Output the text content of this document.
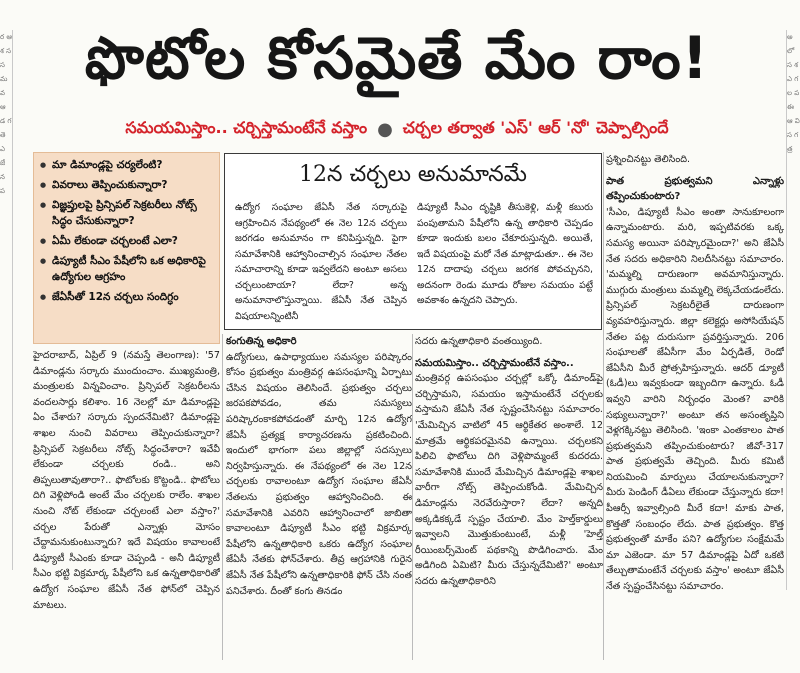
ర ఆ శ స స మ వ ఆ డ గ తె ఎ జే న ప
అ లో స శ ఎ గ ల ప ఈ ఆ వి స గ త్ర
ఫొటోల కోసమైతే మేం రాం!
సమయమిస్తాం.. చర్చిస్తామంటేనే వస్తాం ● చర్చల తర్వాత 'ఎస్' ఆర్ 'నో' చెప్పాల్సిందే
● మా డిమాండ్లపై చర్యలేంటి?
● వివరాలు తెప్పించుకున్నారా?
● విజ్ఞప్తులపై ప్రిన్సిపల్ సెక్రటరీలు నోట్స్ సిద్ధం చేసుకున్నారా?
● ఏమీ లేకుండా చర్చలంటే ఎలా?
● డిప్యూటీ సీఎం పేషీలోని ఒక అధికారిపై ఉద్యోగుల ఆగ్రహం
● జేఏసీతో 12న చర్చలు సందిగ్ధం
12న చర్చలు అనుమానమే
ఉద్యోగ సంఘాల జేఏసీ నేత సర్కారుపై ఆగ్రహించిన నేపథ్యంలో ఈ నెల 12న చర్చలు జరగడం అనుమానం గా కనిపిస్తున్నది. పైగా సమావేశానికి ఆహ్వానించాల్సిన సంఘాల నేతల సమాచారాన్ని కూడా ఇవ్వలేదని అంటూ అసలు చర్చలుంటాయా? లేదా? అన్న అనుమానాలొస్తున్నాయి. జేఏసీ నేత చెప్పిన విషయాలన్నింటినీ
డిప్యూటీ సీఎం దృష్టికి తీసుకెళ్లి, మళ్లీ కబురు పంపుతామని పేషీలోని ఉన్న తాధికారి చెప్పడం కూడా ఇందుకు బలం చేకూరుస్తున్నది. అయితే, ఇదే విషయంపై మరో నేత మాట్లాడుతూ.. ఈ నెల 12న దాదాపు చర్చలు జరగక పోవచ్చునని, అదనంగా రెండు మూడు రోజుల సమయం పట్టే అవకాశం ఉన్నదని చెప్పారు.
హైదరాబాద్, ఏప్రిల్ 9 (నమస్తే తెలంగాణ): '57 డిమాండ్లను సర్కారు ముందుంచాం. ముఖ్యమంత్రి, మంత్రులకు విన్నవించాం. ప్రిన్సిపల్ సెక్రటరీలను వందలసార్లు కలిశాం. 16 నెలల్లో మా డిమాండ్లపై ఏం చేశారు? సర్కారు స్పందనేమిటి? డిమాండ్లపై శాఖల నుంచి వివరాలు తెప్పించుకున్నారా? ప్రిన్సిపల్ సెక్రటరీలు నోట్స్ సిద్ధంచేశారా? ఇవేవీ లేకుండా చర్చలకు రండి.. అని తిప్పలుతావుతారా?.. ఫొటోలకు కొట్టండి.. ఫొటోలు దిగి వెళ్లిపోండి అంటే మేం చర్చలకు రాలేం. శాఖల నుంచి నోట్ లేకుండా చర్చలంటే ఎలా వస్తాం?' చర్చల పేరుతో ఎన్నాళ్లు మోసం చేద్దామనుకుంటున్నారు? ఇదే విషయం కావాలంటే డిప్యూటీ సీఎంకు కూడా చెప్పండి - అనీ డిప్యూటీ సీఎం భట్టి విక్రమార్క పేషీలోని ఒక ఉన్నతాధికారితో ఉద్యోగ సంఘాల జేఏసీ నేత ఫోన్‌లో చెప్పిన మాటలు.
కంగుతిన్న అధికారి
ఉద్యోగులు, ఉపాధ్యాయుల సమస్యల పరిష్కారం కోసం ప్రభుత్వం మంత్రివర్గ ఉపసంఘాన్ని ఏర్పాటు చేసిన విషయం తెలిసిందే. ప్రభుత్వం చర్చలు జరపకపోవడం, తమ సమస్యలు పరిష్కారంకాకపోవడంతో మార్చి 12న ఉద్యోగ జేఏసీ ప్రత్యక్ష కార్యాచరణను ప్రకటించింది. ఇందులో భాగంగా పలు జిల్లాల్లో సదస్సులు నిర్వహిస్తున్నారు. ఈ నేపథ్యంలో ఈ నెల 12న చర్చలకు రావాలంటూ ఉద్యోగ సంఘాల జేఏసీ నేతలను ప్రభుత్వం ఆహ్వానించింది. ఈ సమావేశానికి ఎవరిని ఆహ్వానించాలో జాబితా కావాలంటూ డిప్యూటీ సీఎం భట్టి విక్రమార్క పేషీలోని ఉన్నతాధికారి ఒకరు ఉద్యోగ సంఘాల జేఏసీ నేతకు ఫోన్‌చేశారు. తీవ్ర ఆగ్రహానికి గురైన జేఏసీ నేత పేషీలోని ఉన్నతాధికారికి ఫోన్ చేసి నంత పనిచేశారు. దీంతో కంగు తినడం
సదరు ఉన్నతాధికారి వంతయ్యింది.
సమయమిస్తాం.. చర్చిస్తామంటేనే వస్తాం..
మంత్రివర్గ ఉపసంఘం చర్చల్లో ఒక్కో డిమాండ్‌పై చర్చిస్తామని, సమయం ఇస్తామంటేనే చర్చలకు వస్తామని జేఏసీ నేత స్పష్టంచేసినట్టు సమాచారం. 'మేమిచ్చిన వాటిలో 45 ఆర్థికేతర అంశాలే. 12 మాత్రమే ఆర్థికపరమైనవి ఉన్నాయి. చర్చలకని పిలిచి ఫొటోలు దిగి వెళ్లిపొమ్మంటే కుదరదు. సమావేశానికి ముందే మేమిచ్చిన డిమాండ్లపై శాఖల వారీగా నోట్స్ తెప్పించుకోండి. మేమిచ్చిన డిమాండ్లను నెరవేరుస్తారా? లేదా? అన్నది అక్కడికక్కడే స్పష్టం చేయాలి. మేం హెల్త్‌కార్డులు ఇవ్వాలని మొత్తుకుంటుంటే, మళ్లీ 'హెల్త్ రీయింబర్స్‌మెంట్ పథకాన్ని పొడిగించారు. మేం అడిగింది ఏమిటి? మీరు చేస్తున్నదేమిటి?' అంటూ సదరు ఉన్నతాధికారిని
ప్రశ్నించినట్టు తెలిసింది.
పాత ప్రభుత్వమని ఎన్నాళ్లు తప్పించుకుంటారు?
'సీఎం, డిప్యూటీ సీఎం అంతా సానుకూలంగా ఉన్నామంటారు. మరి, ఇప్పటివరకు ఒక్క సమస్య అయినా పరిష్కారమైందా?' అని జేఏసీ నేత సదరు అధికారిని నిలదీసినట్టు సమాచారం. 'మమ్మల్ని దారుణంగా అవమానిస్తున్నారు. ముగ్గురు మంత్రులు మమ్మల్ని లెక్కచేయడంలేదు. ప్రిన్సిపల్ సెక్రటరీలైతే దారుణంగా వ్యవహరిస్తున్నారు. జిల్లా కలెక్టర్లు అసోసియేషన్ నేతల పట్ల దురుసుగా ప్రవర్తిస్తున్నారు. 206 సంఘాలతో జేఏసీగా మేం ఏర్పడితే, రెండో జేఏసీని మీరే ప్రోత్సహిస్తున్నారు. ఆదర్ డ్యూటీ (ఓడీ)లు ఇవ్వకుండా ఇబ్బందిగా ఉన్నారు. ఓడీ ఇవ్వని వారిని నిర్బంధం మెంత? వారికి సభ్యులున్నారా?' అంటూ తన అసంతృప్తిని వెళ్లగక్కినట్టు తెలిసింది. 'ఇంకా ఎంతకాలం పాత ప్రభుత్వమని తప్పించుకుంటారు? జీవో-317 పాత ప్రభుత్వమే తెచ్చింది. మీరు కమిటీ నియమించి మార్పులు చేయాలనుకున్నారా? మీరు పెండింగ్ డీఏలు లేకుండా చేస్తున్నారు కదా! పీఆర్సీ ఇవ్వాల్సింది మీరే కదా! మాకు పాత, కొత్తతో సంబంధం లేదు. పాత ప్రభుత్వం. కొత్త ప్రభుత్వంతో మాకేం పని? ఉద్యోగుల సంక్షేమమే మా ఎజెండా. మా 57 డిమాండ్లపై ఏదో ఒకటి తేల్చుతామంటేనే చర్చలకు వస్తాం' అంటూ జేఏసీ నేత స్పష్టంచేసినట్టు సమాచారం.
